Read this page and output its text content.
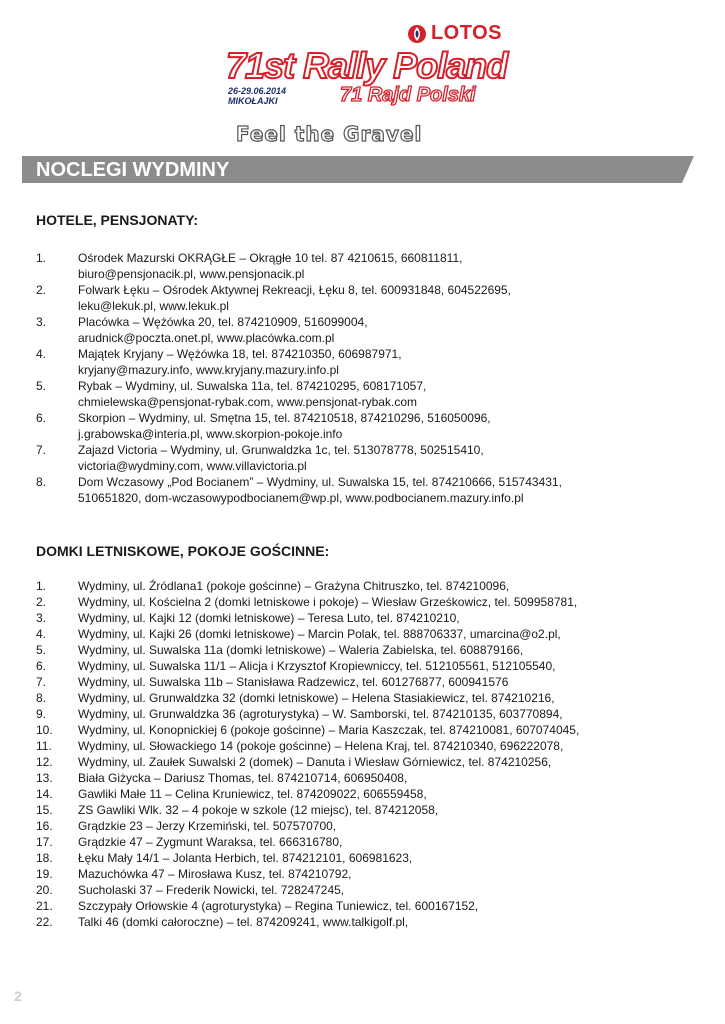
LOTOS
71st Rally Poland
26-29.06.2014
MIKOŁAJKI	71 Rajd Polski
Feel the Gravel
NOCLEGI WYDMINY
HOTELE, PENSJONATY:
1.	Ośrodek Mazurski OKRĄGŁE – Okrągłe 10 tel. 87 4210615, 660811811,
biuro@pensjonacik.pl, www.pensjonacik.pl
2.	Folwark Łęku – Ośrodek Aktywnej Rekreacji, Łęku 8, tel. 600931848, 604522695,
leku@lekuk.pl, www.lekuk.pl
3.	Placówka – Wężówka 20, tel. 874210909, 516099004,
arudnick@poczta.onet.pl, www.placówka.com.pl
4.	Majątek Kryjany – Wężówka 18, tel. 874210350, 606987971,
kryjany@mazury.info, www.kryjany.mazury.info.pl
5.	Rybak – Wydminy, ul. Suwalska 11a, tel. 874210295, 608171057,
chmielewska@pensjonat-rybak.com, www.pensjonat-rybak.com
6.	Skorpion – Wydminy, ul. Smętna 15, tel. 874210518, 874210296, 516050096,
j.grabowska@interia.pl, www.skorpion-pokoje.info
7.	Zajazd Victoria – Wydminy, ul. Grunwaldzka 1c, tel. 513078778, 502515410,
victoria@wydminy.com, www.villavictoria.pl
8.	Dom Wczasowy „Pod Bocianem” – Wydminy, ul. Suwalska 15, tel. 874210666, 515743431,
510651820, dom-wczasowypodbocianem@wp.pl, www.podbocianem.mazury.info.pl
DOMKI LETNISKOWE, POKOJE GOŚCINNE:
1.	Wydminy, ul. Źródlana1 (pokoje gościnne) – Grażyna Chitruszko, tel. 874210096,
2.	Wydminy, ul. Kościelna 2 (domki letniskowe i pokoje) – Wiesław Grześkowicz, tel. 509958781,
3.	Wydminy, ul. Kajki 12 (domki letniskowe) – Teresa Luto, tel. 874210210,
4.	Wydminy, ul. Kajki 26 (domki letniskowe) – Marcin Polak, tel. 888706337, umarcina@o2.pl,
5.	Wydminy, ul. Suwalska 11a (domki letniskowe) – Waleria Zabielska, tel. 608879166,
6.	Wydminy, ul. Suwalska 11/1 – Alicja i Krzysztof Kropiewniccy, tel. 512105561, 512105540,
7.	Wydminy, ul. Suwalska 11b – Stanisława Radzewicz, tel. 601276877, 600941576
8.	Wydminy, ul. Grunwaldzka 32 (domki letniskowe) – Helena Stasiakiewicz, tel. 874210216,
9.	Wydminy, ul. Grunwaldzka 36 (agroturystyka) – W. Samborski, tel. 874210135, 603770894,
10. Wydminy, ul. Konopnickiej 6 (pokoje gościnne) – Maria Kaszczak, tel. 874210081, 607074045,
11. Wydminy, ul. Słowackiego 14 (pokoje gościnne) – Helena Kraj, tel. 874210340, 696222078,
12. Wydminy, ul. Zaułek Suwalski 2 (domek) – Danuta i Wiesław Górniewicz, tel. 874210256,
13. Biała Giżycka – Dariusz Thomas, tel. 874210714, 606950408,
14. Gawliki Małe 11 – Celina Kruniewicz, tel. 874209022, 606559458,
15. ZS Gawliki Wlk. 32 – 4 pokoje w szkole (12 miejsc), tel. 874212058,
16. Grądzkie 23 – Jerzy Krzemiński, tel. 507570700,
17. Grądzkie 47 – Zygmunt Waraksa, tel. 666316780,
18. Łęku Mały 14/1 – Jolanta Herbich, tel. 874212101, 606981623,
19. Mazuchówka 47 – Mirosława Kusz, tel. 874210792,
20. Sucholaski 37 – Frederik Nowicki, tel. 728247245,
21. Szczypały Orłowskie 4 (agroturystyka) – Regina Tuniewicz, tel. 600167152,
22. Talki 46 (domki całoroczne) – tel. 874209241, www.talkigolf.pl,
2
